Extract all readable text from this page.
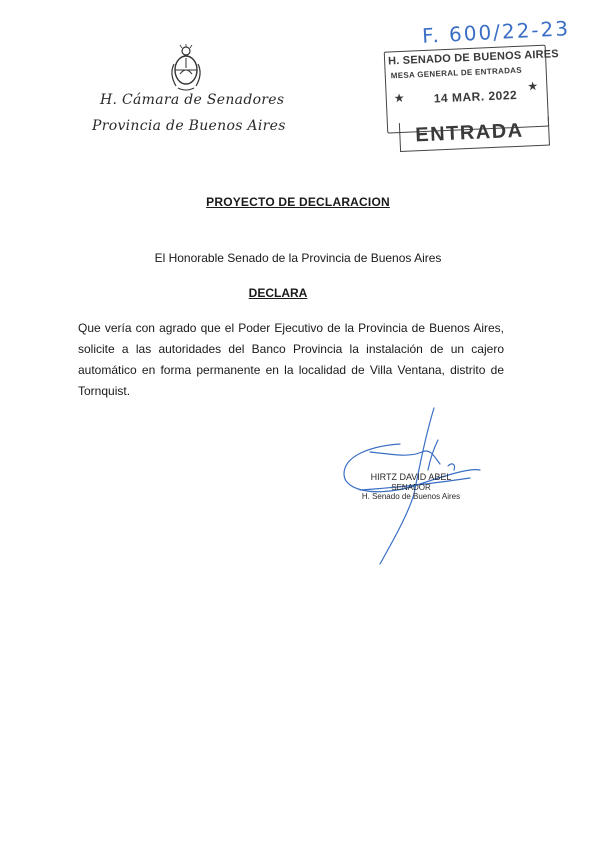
H. Cámara de Senadores
Provincia de Buenos Aires
F. 600/22-23
H. SENADO DE BUENOS AIRES
MESA GENERAL DE ENTRADAS
★ 14 MAR. 2022
★
ENTRADA
PROYECTO DE DECLARACION
El Honorable Senado de la Provincia de Buenos Aires
DECLARA
Que vería con agrado que el Poder Ejecutivo de la Provincia de Buenos Aires, solicite a las autoridades del Banco Provincia la instalación de un cajero automático en forma permanente en la localidad de Villa Ventana, distrito de Tornquist.
HIRTZ DAVID ABEL
SENADOR
H. Senado de Buenos Aires
